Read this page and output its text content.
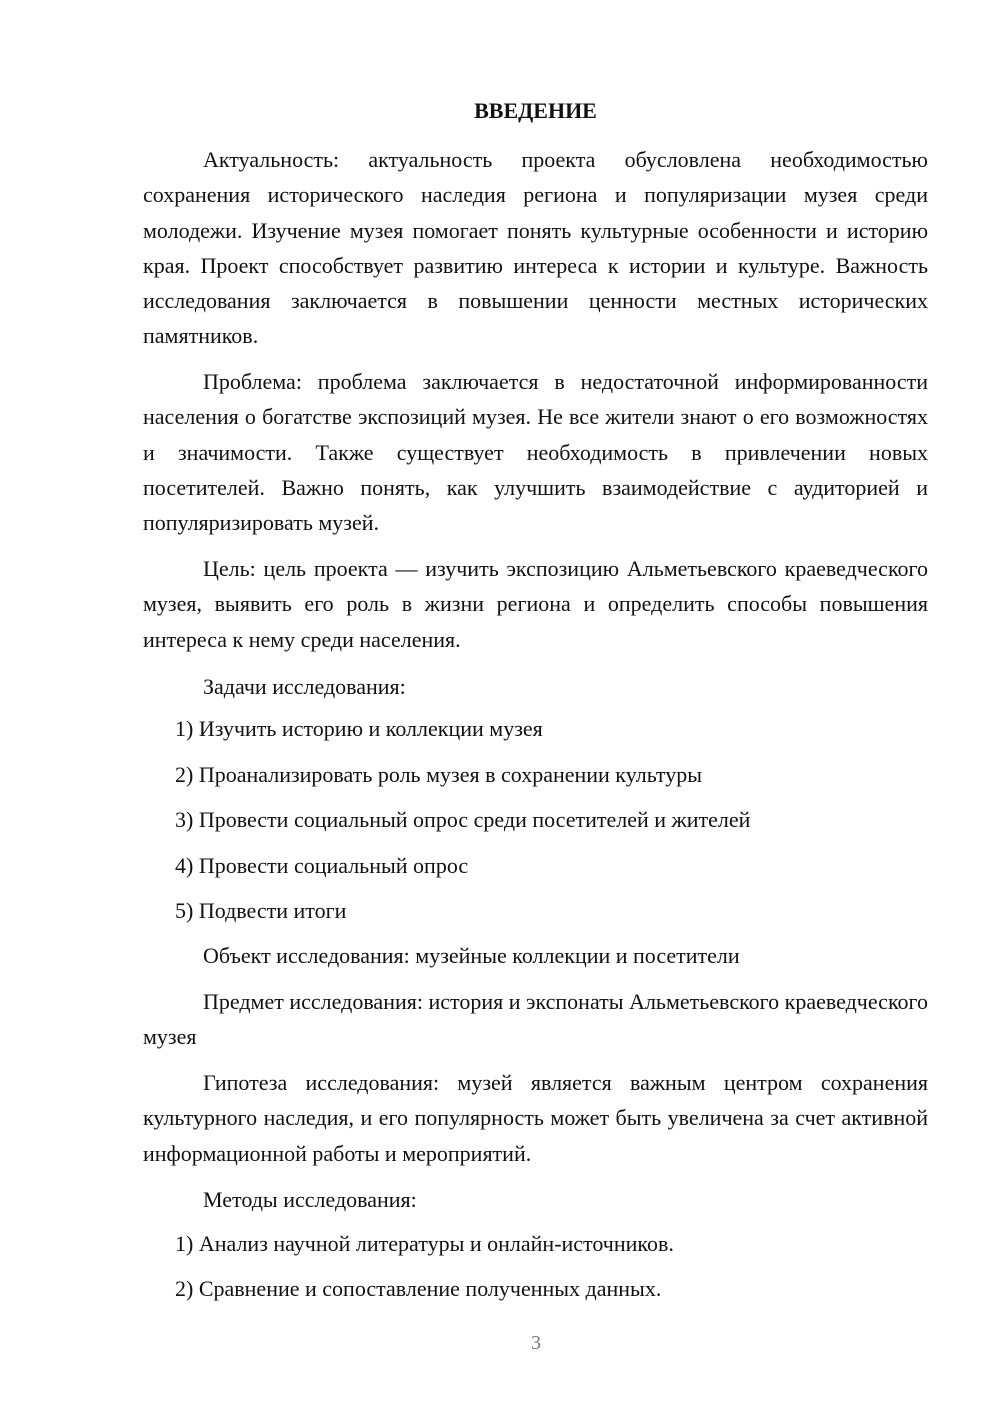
ВВЕДЕНИЕ

Актуальность: актуальность проекта обусловлена необходимостью сохранения исторического наследия региона и популяризации музея среди молодежи. Изучение музея помогает понять культурные особенности и историю края. Проект способствует развитию интереса к истории и культуре. Важность исследования заключается в повышении ценности местных исторических памятников.

Проблема: проблема заключается в недостаточной информированности населения о богатстве экспозиций музея. Не все жители знают о его возможностях и значимости. Также существует необходимость в привлечении новых посетителей. Важно понять, как улучшить взаимодействие с аудиторией и популяризировать музей.

Цель: цель проекта — изучить экспозицию Альметьевского краеведческого музея, выявить его роль в жизни региона и определить способы повышения интереса к нему среди населения.

Задачи исследования:

1) Изучить историю и коллекции музея

2) Проанализировать роль музея в сохранении культуры

3) Провести социальный опрос среди посетителей и жителей

4) Провести социальный опрос

5) Подвести итоги

Объект исследования: музейные коллекции и посетители

Предмет исследования: история и экспонаты Альметьевского краеведческого музея

Гипотеза исследования: музей является важным центром сохранения культурного наследия, и его популярность может быть увеличена за счет активной информационной работы и мероприятий.

Методы исследования:

1) Анализ научной литературы и онлайн-источников.

2) Сравнение и сопоставление полученных данных.

3
